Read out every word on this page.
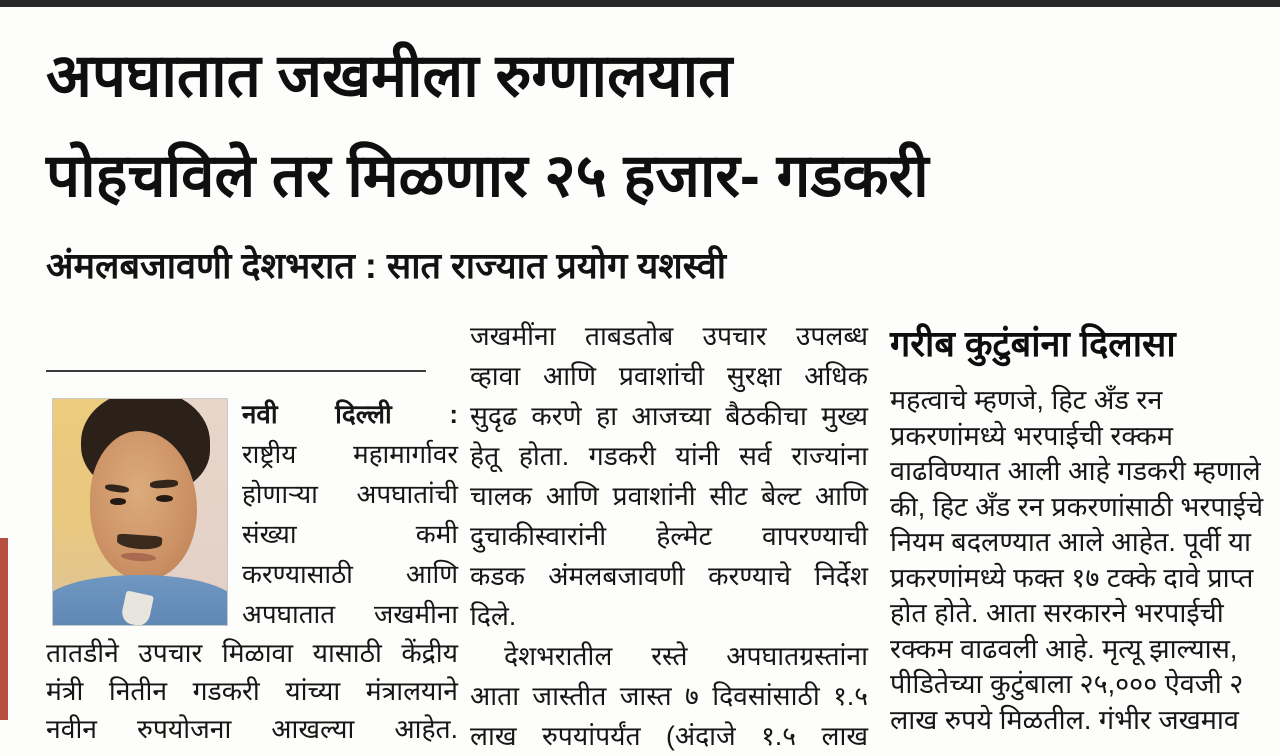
अपघातात जखमीला रुग्णालयात
पोहचविले तर मिळणार २५ हजार- गडकरी
अंमलबजावणी देशभरात : सात राज्यात प्रयोग यशस्वी
नवी दिल्ली :
राष्ट्रीय महामार्गावर
होणाऱ्या अपघातांची
संख्या कमी
करण्यासाठी आणि
अपघातात जखमीना
तातडीने उपचार मिळावा यासाठी केंद्रीय
मंत्री नितीन गडकरी यांच्या मंत्रालयाने
नवीन रुपयोजना आखल्या आहेत.
जखमींना ताबडतोब उपचार उपलब्ध
व्हावा आणि प्रवाशांची सुरक्षा अधिक
सुदृढ करणे हा आजच्या बैठकीचा मुख्य
हेतू होता. गडकरी यांनी सर्व राज्यांना
चालक आणि प्रवाशांनी सीट बेल्ट आणि
दुचाकीस्वारांनी हेल्मेट वापरण्याची
कडक अंमलबजावणी करण्याचे निर्देश
दिले.
देशभरातील रस्ते अपघातग्रस्तांना
आता जास्तीत जास्त ७ दिवसांसाठी १.५
लाख रुपयांपर्यंत (अंदाजे १.५ लाख
गरीब कुटुंबांना दिलासा
महत्वाचे म्हणजे, हिट अँड रन
प्रकरणांमध्ये भरपाईची रक्कम
वाढविण्यात आली आहे गडकरी म्हणाले
की, हिट अँड रन प्रकरणांसाठी भरपाईचे
नियम बदलण्यात आले आहेत. पूर्वी या
प्रकरणांमध्ये फक्त १७ टक्के दावे प्राप्त
होत होते. आता सरकारने भरपाईची
रक्कम वाढवली आहे. मृत्यू झाल्यास,
पीडितेच्या कुटुंबाला २५,००० ऐवजी २
लाख रुपये मिळतील. गंभीर जखमाव
